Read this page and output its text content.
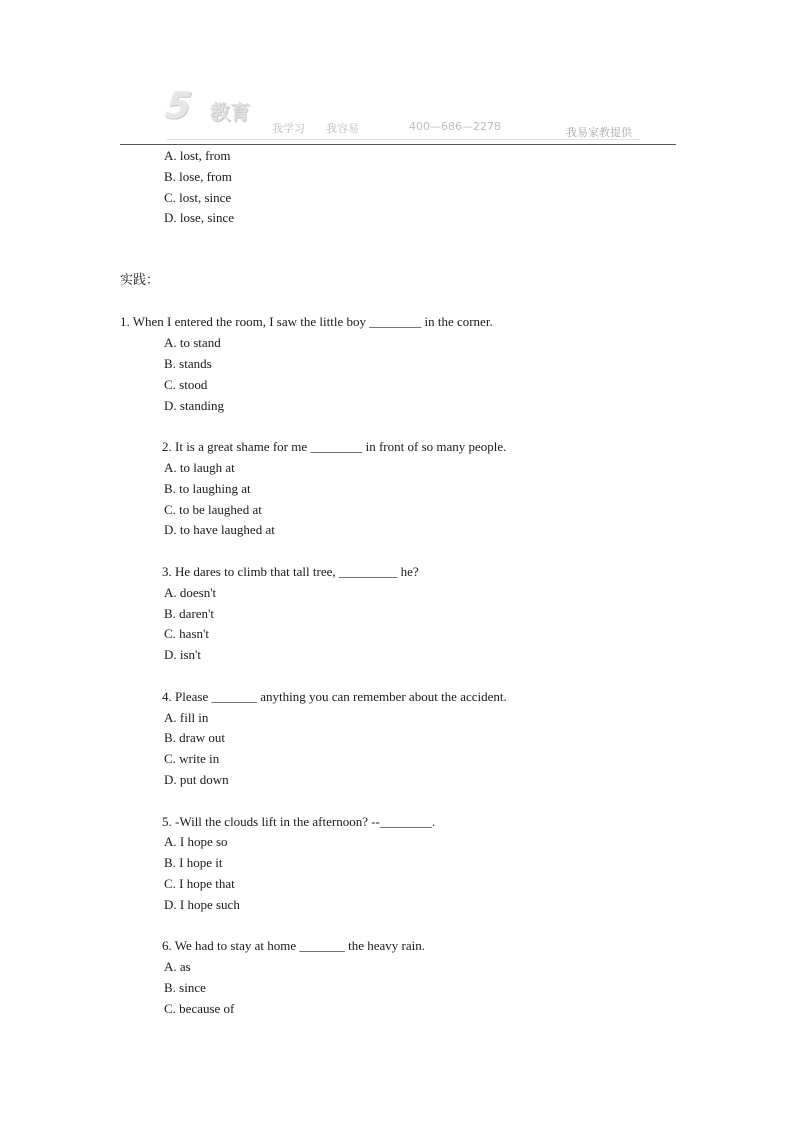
5 教育
我学习 我容易	400—686—2278	我易家教提供
A. lost, from
B. lose, from
C. lost, since
D. lose, since
实践：
1. When I entered the room, I saw the little boy ________ in the corner.
A. to stand
B. stands
C. stood
D. standing
2. It is a great shame for me ________ in front of so many people.
A. to laugh at
B. to laughing at
C. to be laughed at
D. to have laughed at
3. He dares to climb that tall tree, _________ he?
A. doesn't
B. daren't
C. hasn't
D. isn't
4. Please _______ anything you can remember about the accident.
A. fill in
B. draw out
C. write in
D. put down
5. -Will the clouds lift in the afternoon? --________.
A. I hope so
B. I hope it
C. I hope that
D. I hope such
6. We had to stay at home _______ the heavy rain.
A. as
B. since
C. because of
